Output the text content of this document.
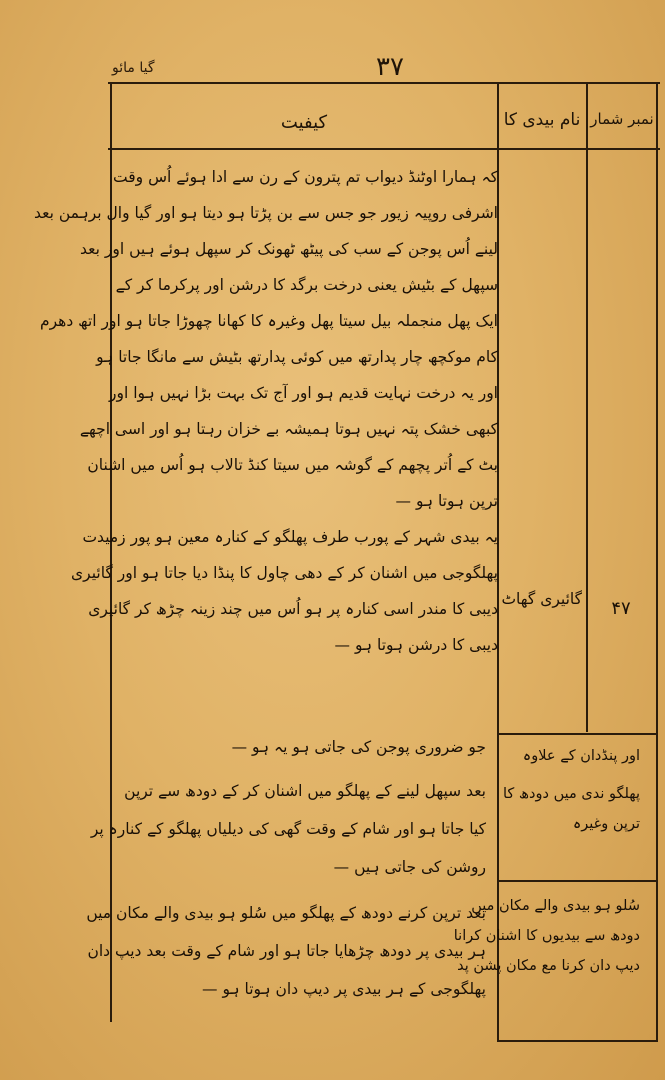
۳۷
گیا مائو
نمبر شمار
نام بیدی کا
کیفیت
کہ ہمارا اوٹنڈ دیواب تم پترون کے رن سے ادا ہوئے اُس وقت
اشرفی روپیہ زیور جو جس سے بن پڑتا ہو دیتا ہو اور گیا وال برہمن بعد
لینے اُس پوجن کے سب کی پیٹھ ٹھونک کر سپھل ہوئے ہیں اور بعد
سپھل کے بٹیش یعنی درخت برگد کا درشن اور پرکرما کر کے
ایک پھل منجملہ بیل سیتا پھل وغیرہ کا کھانا چھوڑا جاتا ہو اور اتھ دھرم
کام موکچھ چار پدارتھ میں کوئی پدارتھ بٹیش سے مانگا جاتا ہو
اور یہ درخت نہایت قدیم ہو اور آج تک بہت بڑا نہیں ہوا اور
کبھی خشک پتہ نہیں ہوتا ہمیشہ بے خزان رہتا ہو اور اسی اچھے
بٹ کے اُتر پچھم کے گوشہ میں سیتا کنڈ تالاب ہو اُس میں اشنان
ترپن ہوتا ہو —
یہ بیدی شہر کے پورب طرف پھلگو کے کنارہ معین ہو پور زمیدت
پھلگوجی میں اشنان کر کے دھی چاول کا پنڈا دیا جاتا ہو اور گائیری
دیبی کا مندر اسی کنارہ پر ہو اُس میں چند زینہ چڑھ کر گائیری
دیبی کا درشن ہوتا ہو —
۴۷
گائیری گھاٹ
اور پنڈدان کے علاوہ
پھلگو ندی میں دودھ کا
ترپن وغیرہ
سُلو ہو بیدی والے مکان میں
دودھ سے بیدیوں کا اشنان کرانا
دیپ دان کرنا مع مکان پشن پد
جو ضروری پوجن کی جاتی ہو یہ ہو —
بعد سپھل لینے کے پھلگو میں اشنان کر کے دودھ سے ترپن
کیا جاتا ہو اور شام کے وقت گھی کی دیلیاں پھلگو کے کنارہ پر
روشن کی جاتی ہیں —
بعد ترپن کرنے دودھ کے پھلگو میں سُلو ہو بیدی والے مکان میں
ہر بیدی پر دودھ چڑھایا جاتا ہو اور شام کے وقت بعد دیپ دان
پھلگوجی کے ہر بیدی پر دیپ دان ہوتا ہو —
